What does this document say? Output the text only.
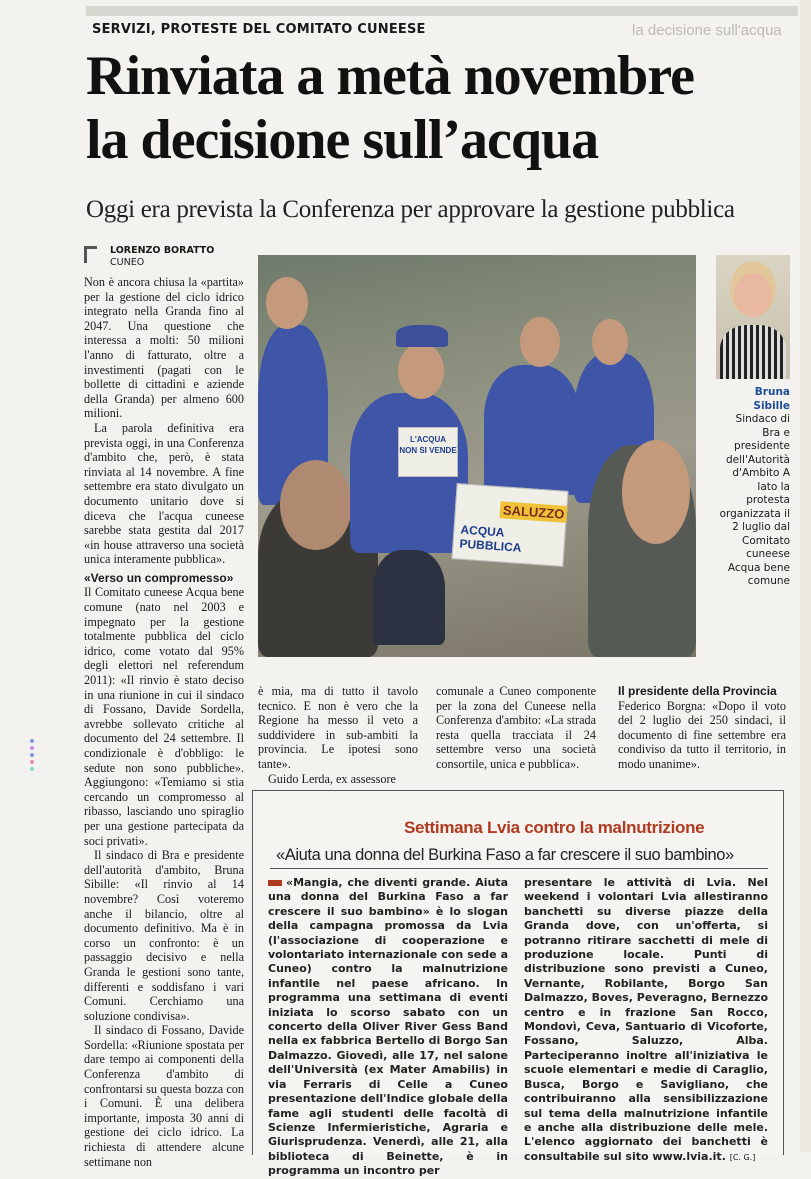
SERVIZI, PROTESTE DEL COMITATO CUNEESE	la decisione sull'acqua
Rinviata a metà novembre la decisione sull’acqua
Oggi era prevista la Conferenza per approvare la gestione pubblica
LORENZO BORATTO
CUNEO

Non è ancora chiusa la «partita» per la gestione del ciclo idrico integrato nella Granda fino al 2047. Una questione che interessa a molti: 50 milioni l'anno di fatturato, oltre a investimenti (pagati con le bollette di cittadini e aziende della Granda) per almeno 600 milioni.

La parola definitiva era prevista oggi, in una Conferenza d'ambito che, però, è stata rinviata al 14 novembre. A fine settembre era stato divulgato un documento unitario dove si diceva che l'acqua cuneese sarebbe stata gestita dal 2017 «in house attraverso una società unica interamente pubblica».

«Verso un compromesso»

Il Comitato cuneese Acqua bene comune (nato nel 2003 e impegnato per la gestione totalmente pubblica del ciclo idrico, come votato dal 95% degli elettori nel referendum 2011): «Il rinvio è stato deciso in una riunione in cui il sindaco di Fossano, Davide Sordella, avrebbe sollevato critiche al documento del 24 settembre. Il condizionale è d'obbligo: le sedute non sono pubbliche». Aggiungono: «Temiamo si stia cercando un compromesso al ribasso, lasciando uno spiraglio per una gestione partecipata da soci privati».

Il sindaco di Bra e presidente dell'autorità d'ambito, Bruna Sibille: «Il rinvio al 14 novembre? Così voteremo anche il bilancio, oltre al documento definitivo. Ma è in corso un confronto: è un passaggio decisivo e nella Granda le gestioni sono tante, differenti e soddisfano i vari Comuni. Cerchiamo una soluzione condivisa».

Il sindaco di Fossano, Davide Sordella: «Riunione spostata per dare tempo ai componenti della Conferenza d'ambito di confrontarsi su questa bozza con i Comuni. È una delibera importante, imposta 30 anni di gestione dei ciclo idrico. La richiesta di attendere alcune settimane non

L'ACQUA
NON SI VENDE
SALUZZO
ACQUA PUBBLICA
Bruna Sibille
Sindaco di Bra e presidente dell'Autorità d'Ambito A lato la protesta organizzata il 2 luglio dal Comitato cuneese Acqua bene comune

è mia, ma di tutto il tavolo tecnico. E non è vero che la Regione ha messo il veto a suddividere in sub-ambiti la provincia. Le ipotesi sono tante».

Guido Lerda, ex assessore

comunale a Cuneo componente per la zona del Cuneese nella Conferenza d'ambito: «La strada resta quella tracciata il 24 settembre verso una società consortile, unica e pubblica».

Il presidente della Provincia

Federico Borgna: «Dopo il voto del 2 luglio dei 250 sindaci, il documento di fine settembre era condiviso da tutto il territorio, in modo unanime».

Settimana Lvia contro la malnutrizione
«Aiuta una donna del Burkina Faso a far crescere il suo bambino»
«Mangia, che diventi grande. Aiuta una donna del Burkina Faso a far crescere il suo bambino» è lo slogan della campagna promossa da Lvia (l'associazione di cooperazione e volontariato internazionale con sede a Cuneo) contro la malnutrizione infantile nel paese africano. In programma una settimana di eventi iniziata lo scorso sabato con un concerto della Oliver River Gess Band nella ex fabbrica Bertello di Borgo San Dalmazzo. Giovedì, alle 17, nel salone dell'Università (ex Mater Amabilis) in via Ferraris di Celle a Cuneo presentazione dell'Indice globale della fame agli studenti delle facoltà di Scienze Infermieristiche, Agraria e Giurisprudenza. Venerdì, alle 21, alla biblioteca di Beinette, è in programma un incontro per
presentare le attività di Lvia. Nel weekend i volontari Lvia allestiranno banchetti su diverse piazze della Granda dove, con un'offerta, si potranno ritirare sacchetti di mele di produzione locale. Punti di distribuzione sono previsti a Cuneo, Vernante, Robilante, Borgo San Dalmazzo, Boves, Peveragno, Bernezzo centro e in frazione San Rocco, Mondovì, Ceva, Santuario di Vicoforte, Fossano, Saluzzo, Alba. Parteciperanno inoltre all'iniziativa le scuole elementari e medie di Caraglio, Busca, Borgo e Savigliano, che contribuiranno alla sensibilizzazione sul tema della malnutrizione infantile e anche alla distribuzione delle mele. L'elenco aggiornato dei banchetti è consultabile sul sito www.lvia.it. [C. G.]
